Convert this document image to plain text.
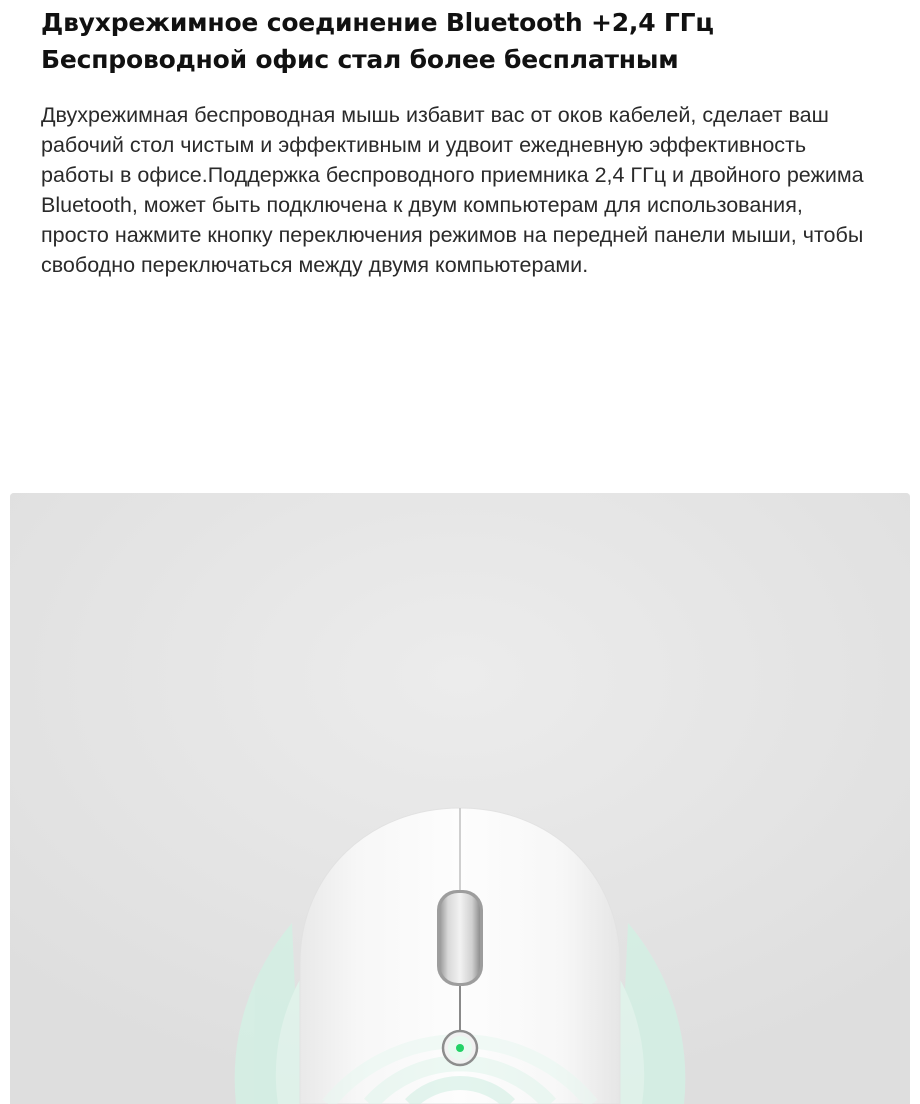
Двухрежимное соединение Bluetooth +2,4 ГГц
Беспроводной офис стал более бесплатным

Двухрежимная беспроводная мышь избавит вас от оков кабелей, сделает ваш рабочий стол чистым и эффективным и удвоит ежедневную эффективность работы в офисе.Поддержка беспроводного приемника 2,4 ГГц и двойного режима Bluetooth, может быть подключена к двум компьютерам для использования, просто нажмите кнопку переключения режимов на передней панели мыши, чтобы свободно переключаться между двумя компьютерами.
